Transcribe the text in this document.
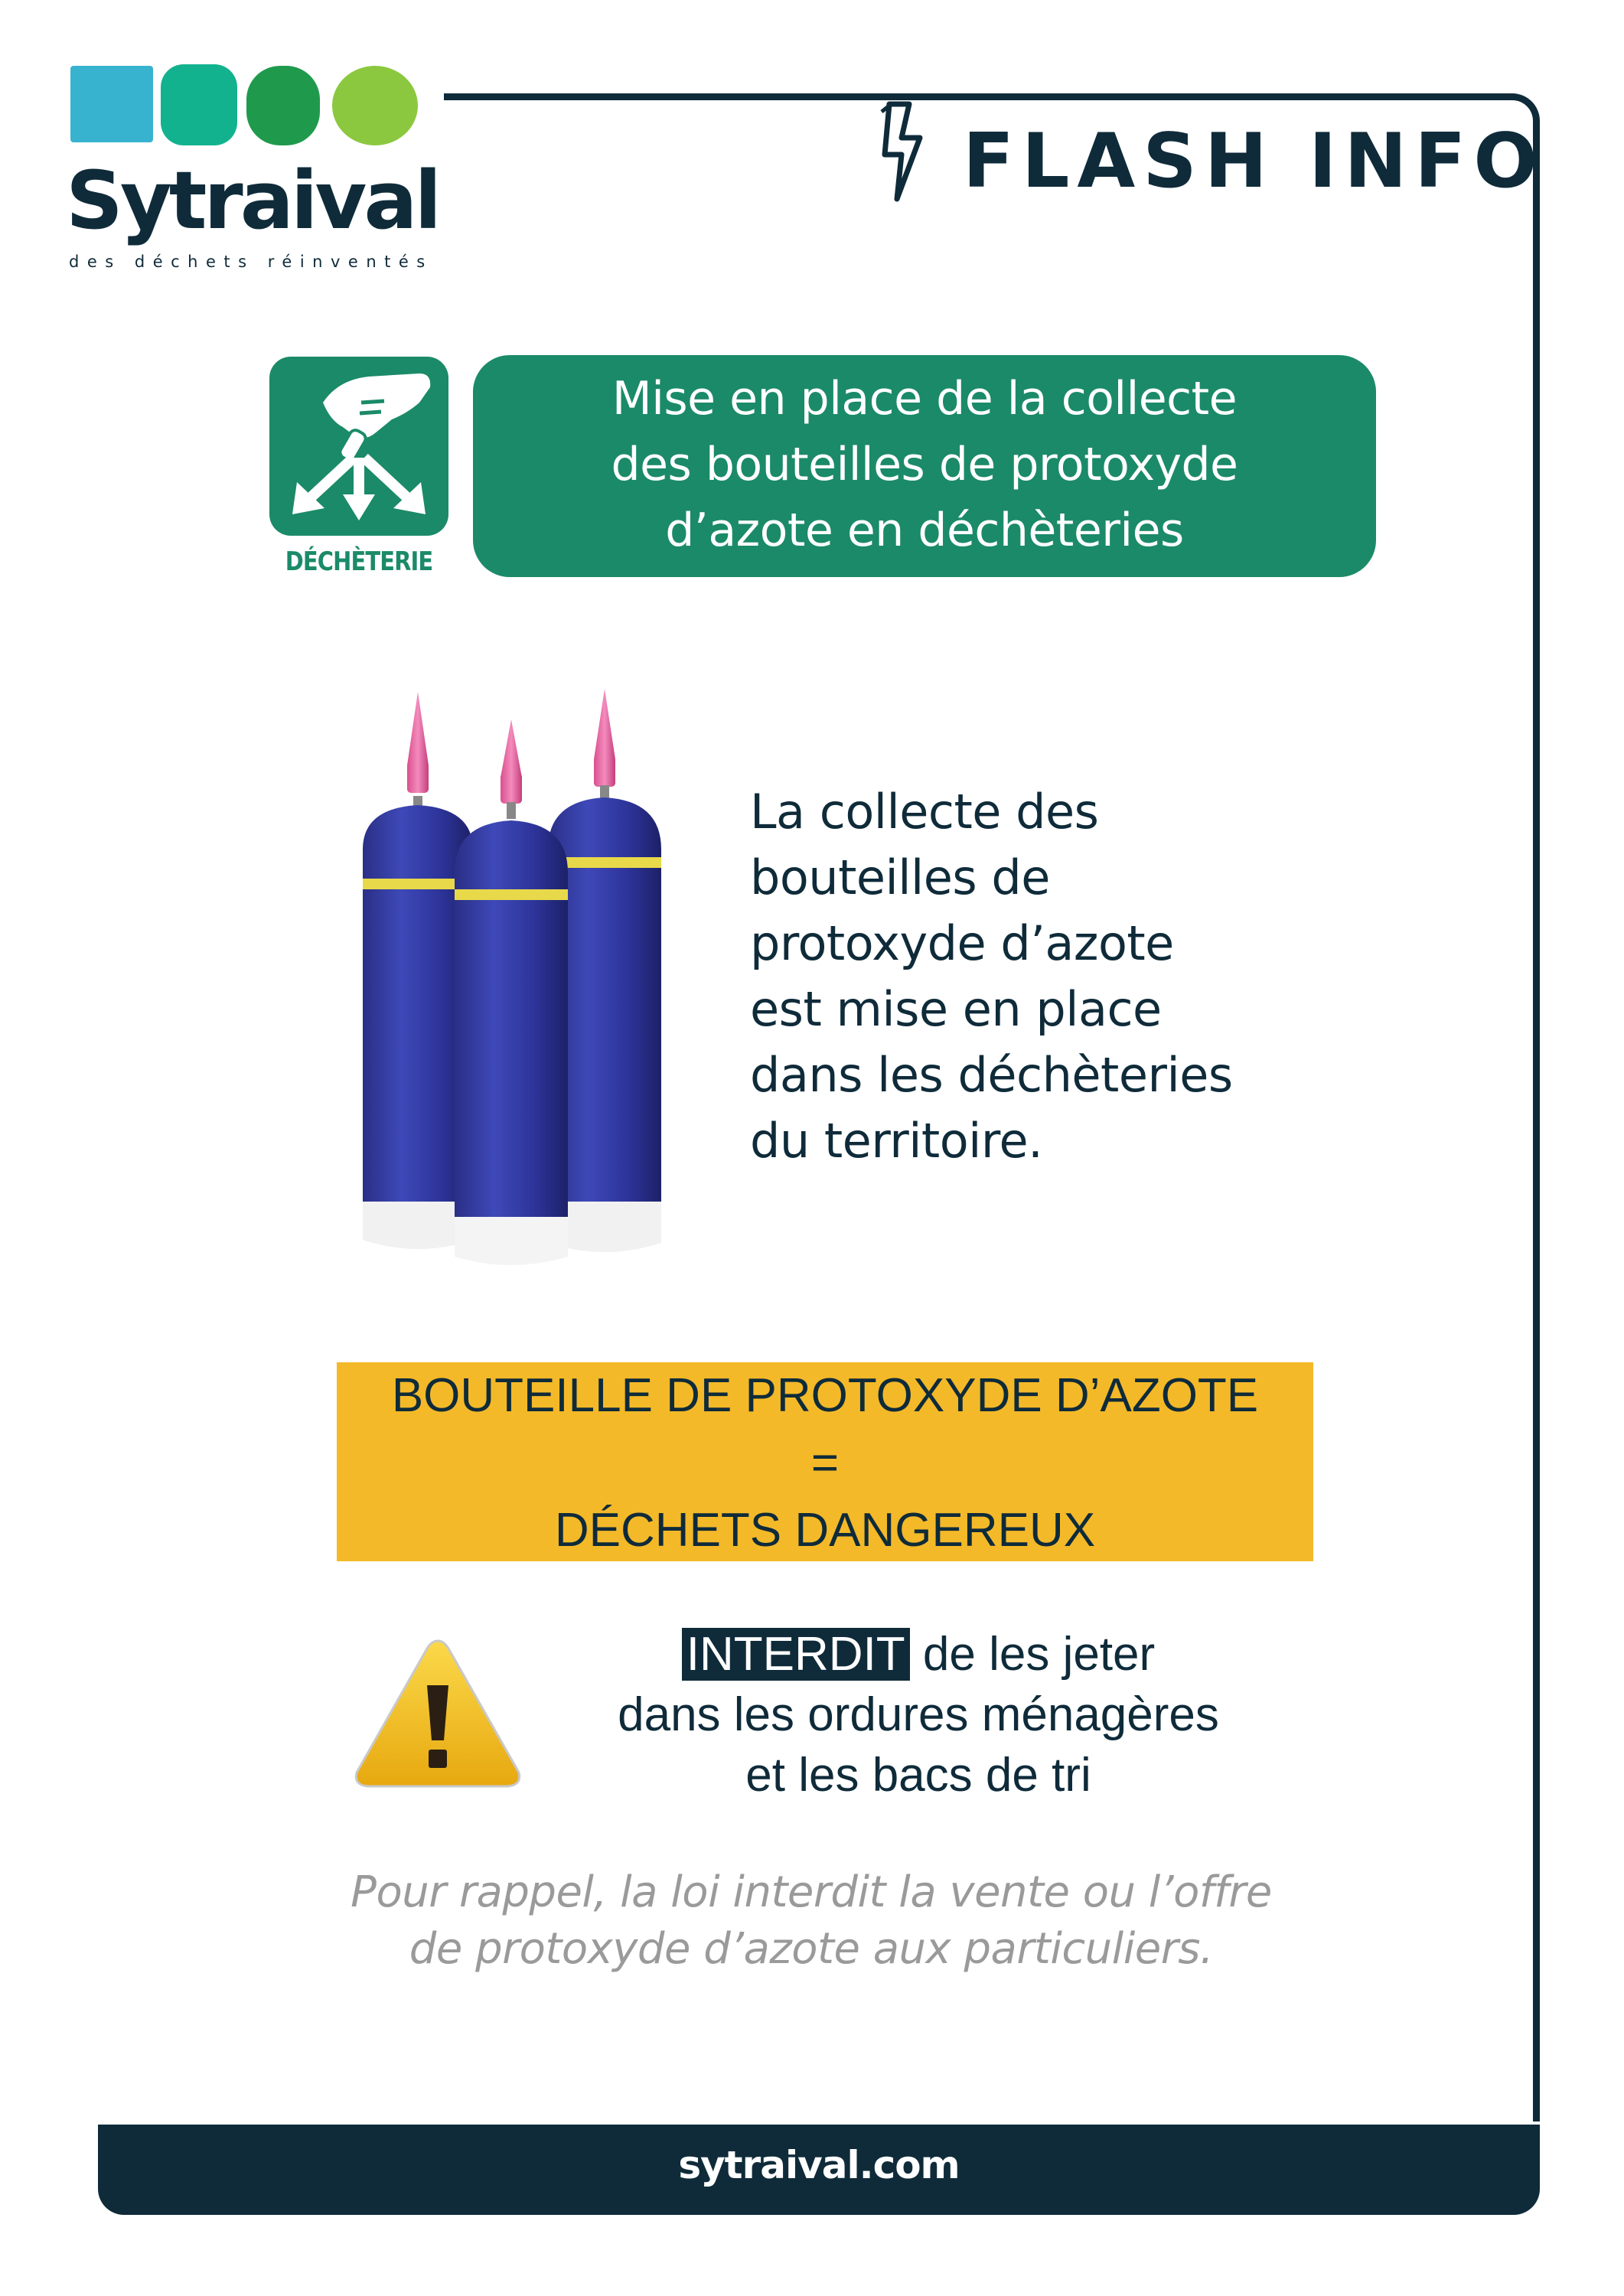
Sytraival
des déchets réinventés
FLASH INFO
DÉCHÈTERIE
Mise en place de la collecte
des bouteilles de protoxyde
d’azote en déchèteries
La collecte des
bouteilles de
protoxyde d’azote
est mise en place
dans les déchèteries
du territoire.
BOUTEILLE DE PROTOXYDE D’AZOTE
=
DÉCHETS DANGEREUX
INTERDIT de les jeter
dans les ordures ménagères
et les bacs de tri
Pour rappel, la loi interdit la vente ou l’offre
de protoxyde d’azote aux particuliers.
sytraival.com
